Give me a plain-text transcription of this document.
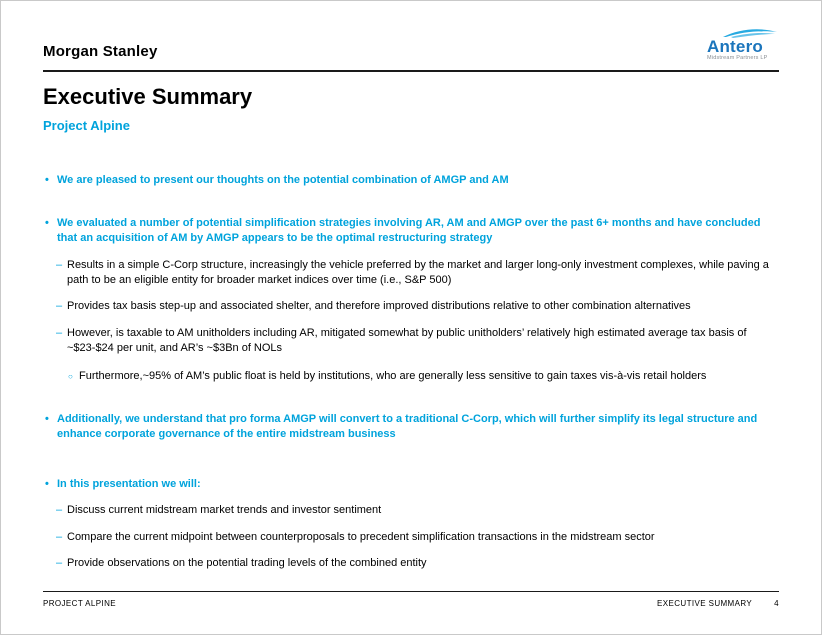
Morgan Stanley	Antero
Midstream Partners LP
Executive Summary
Project Alpine
•
We are pleased to present our thoughts on the potential combination of AMGP and AM
•
We evaluated a number of potential simplification strategies involving AR, AM and AMGP over the past 6+ months and have concluded that an acquisition of AM by AMGP appears to be the optimal restructuring strategy
–
Results in a simple C-Corp structure, increasingly the vehicle preferred by the market and larger long-only investment complexes, while paving a path to be an eligible entity for broader market indices over time (i.e., S&P 500)
–
Provides tax basis step-up and associated shelter, and therefore improved distributions relative to other combination alternatives
–
However, is taxable to AM unitholders including AR, mitigated somewhat by public unitholders’ relatively high estimated average tax basis of ~$23-$24 per unit, and AR’s ~$3Bn of NOLs
○
Furthermore,~95% of AM’s public float is held by institutions, who are generally less sensitive to gain taxes vis-à-vis retail holders
•
Additionally, we understand that pro forma AMGP will convert to a traditional C-Corp, which will further simplify its legal structure and enhance corporate governance of the entire midstream business
•
In this presentation we will:
–
Discuss current midstream market trends and investor sentiment
–
Compare the current midpoint between counterproposals to precedent simplification transactions in the midstream sector
–
Provide observations on the potential trading levels of the combined entity
PROJECT ALPINE	EXECUTIVE SUMMARY	4
